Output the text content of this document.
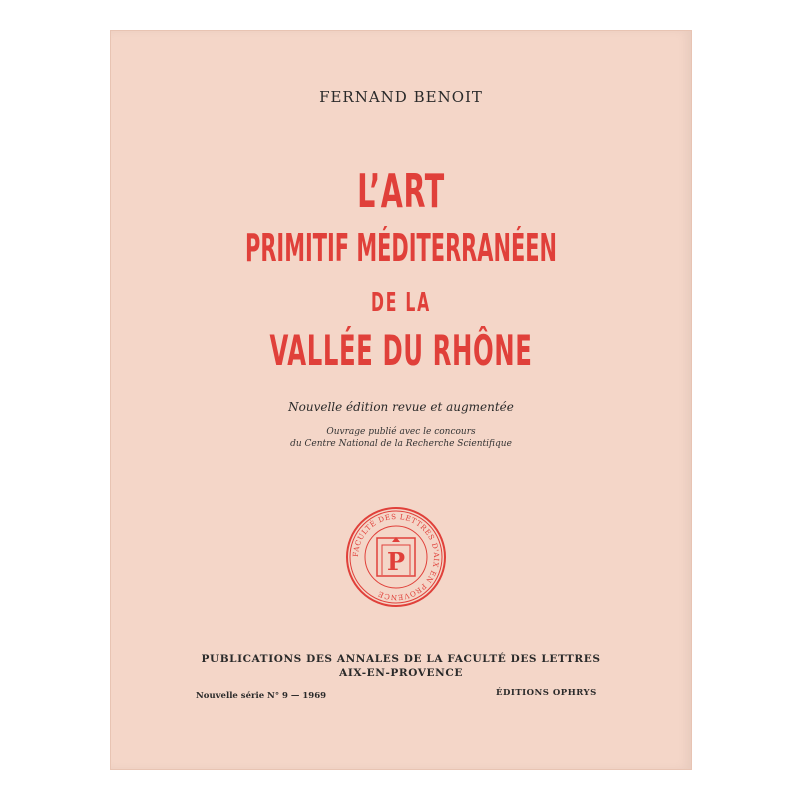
FERNAND BENOIT
L’ART
PRIMITIF MÉDITERRANÉEN
DE LA
VALLÉE DU RHÔNE
Nouvelle édition revue et augmentée
Ouvrage publié avec le concours
du Centre National de la Recherche Scientifique
FACULTÉ DES LETTRES D'AIX EN PROVENCE
P
PUBLICATIONS DES ANNALES DE LA FACULTÉ DES LETTRES
AIX-EN-PROVENCE
Nouvelle série N° 9 — 1969	ÉDITIONS OPHRYS
